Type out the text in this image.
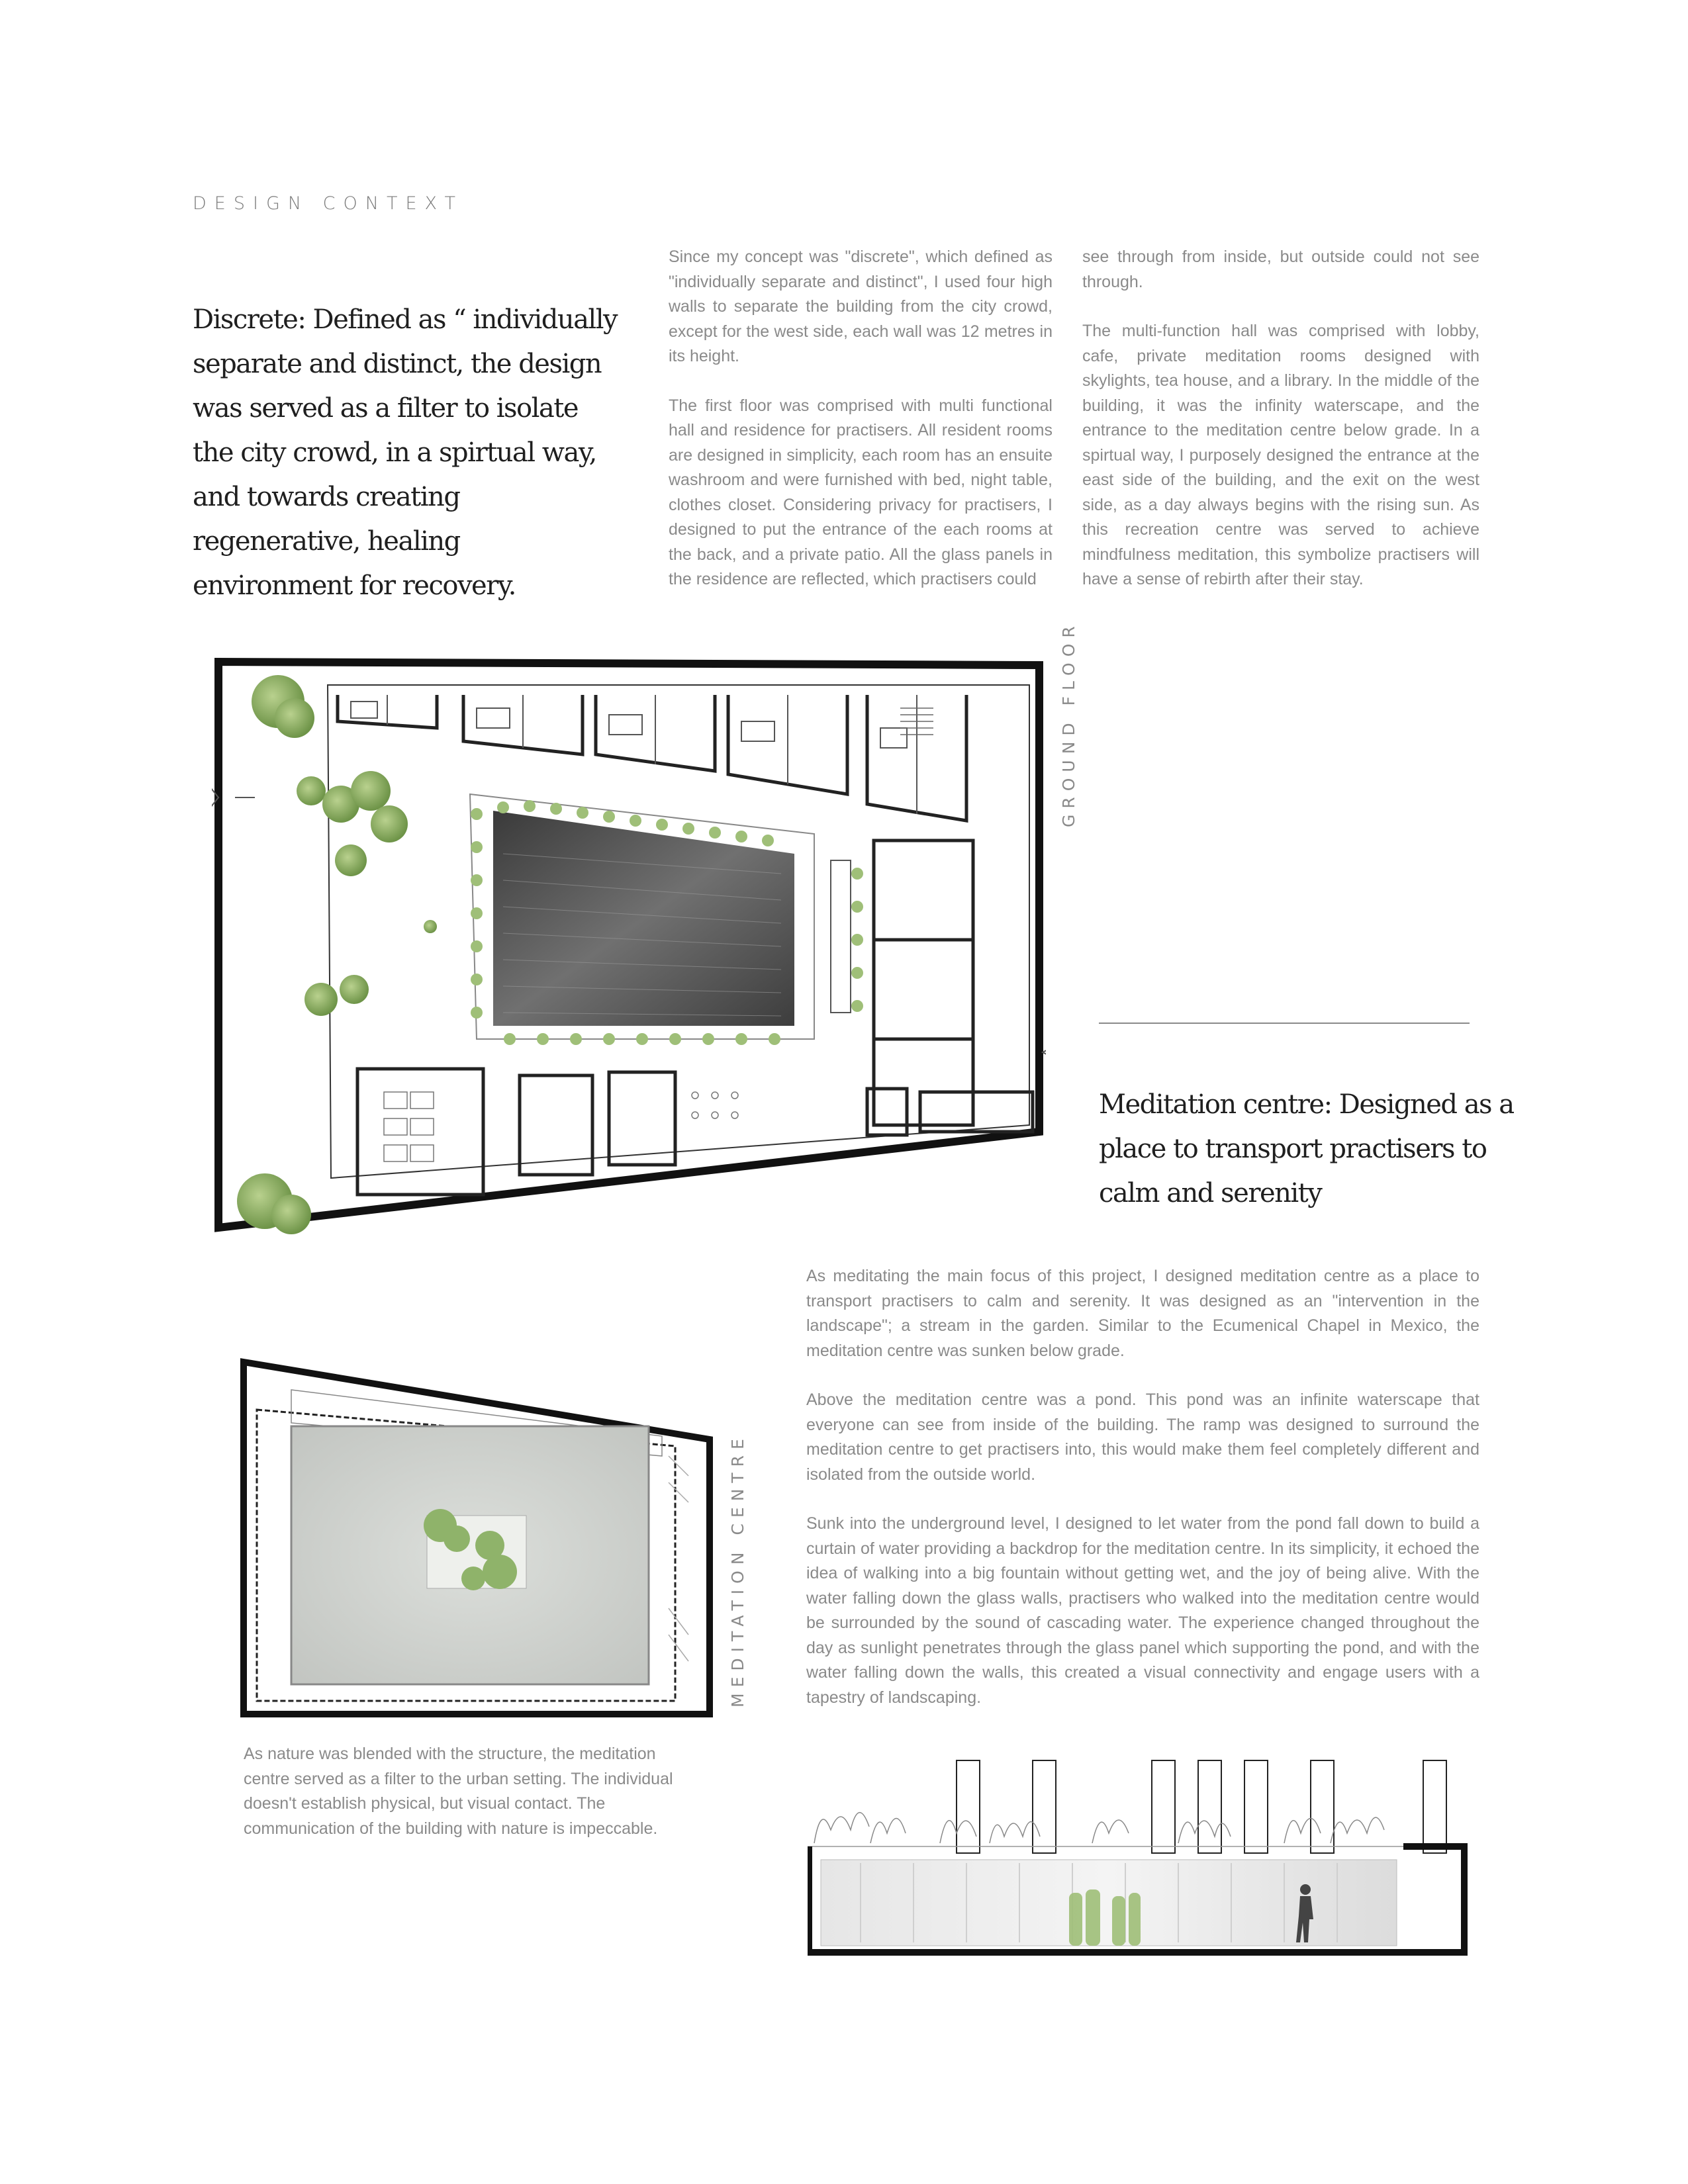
DESIGN CONTEXT
Discrete: Defined as “ individually separate and distinct, the design was served as a filter to isolate the city crowd, in a spirtual way, and towards creating regenerative, healing environment for recovery.

Since my concept was "discrete", which defined as "individually separate and distinct", I used four high walls to separate the building from the city crowd, except for the west side, each wall was 12 metres in its height.

The first floor was comprised with multi functional hall and residence for practisers. All resident rooms are designed in simplicity, each room has an ensuite washroom and were furnished with bed, night table, clothes closet. Considering privacy for practisers, I designed to put the entrance of the each rooms at the back, and a private patio. All the glass panels in the residence are reflected, which practisers could

see through from inside, but outside could not see through.

The multi-function hall was comprised with lobby, cafe, private meditation rooms designed with skylights, tea house, and a library. In the middle of the building, it was the infinity waterscape, and the entrance to the meditation centre below grade. In a spirtual way, I purposely designed the entrance at the east side of the building, and the exit on the west side, as a day always begins with the rising sun. As this recreation centre was served to achieve mindfulness meditation, this symbolize practisers will have a sense of rebirth after their stay.

GROUND FLOOR
Meditation centre: Designed as a place to transport practisers to calm and serenity

As meditating the main focus of this project, I designed meditation centre as a place to transport practisers to calm and serenity. It was designed as an "intervention in the landscape"; a stream in the garden. Similar to the Ecumenical Chapel in Mexico, the meditation centre was sunken below grade.

Above the meditation centre was a pond. This pond was an infinite waterscape that everyone can see from inside of the building. The ramp was designed to surround the meditation centre to get practisers into, this would make them feel completely different and isolated from the outside world.

Sunk into the underground level, I designed to let water from the pond fall down to build a curtain of water providing a backdrop for the meditation centre. In its simplicity, it echoed the idea of walking into a big fountain without getting wet, and the joy of being alive. With the water falling down the glass walls, practisers who walked into the meditation centre would be surrounded by the sound of cascading water. The experience changed throughout the day as sunlight penetrates through the glass panel which supporting the pond, and with the water falling down the walls, this created a visual connectivity and engage users with a tapestry of landscaping.

MEDITATION CENTRE

As nature was blended with the structure, the meditation centre served as a filter to the urban setting. The individual doesn't establish physical, but visual contact. The communication of the building with nature is impeccable.
